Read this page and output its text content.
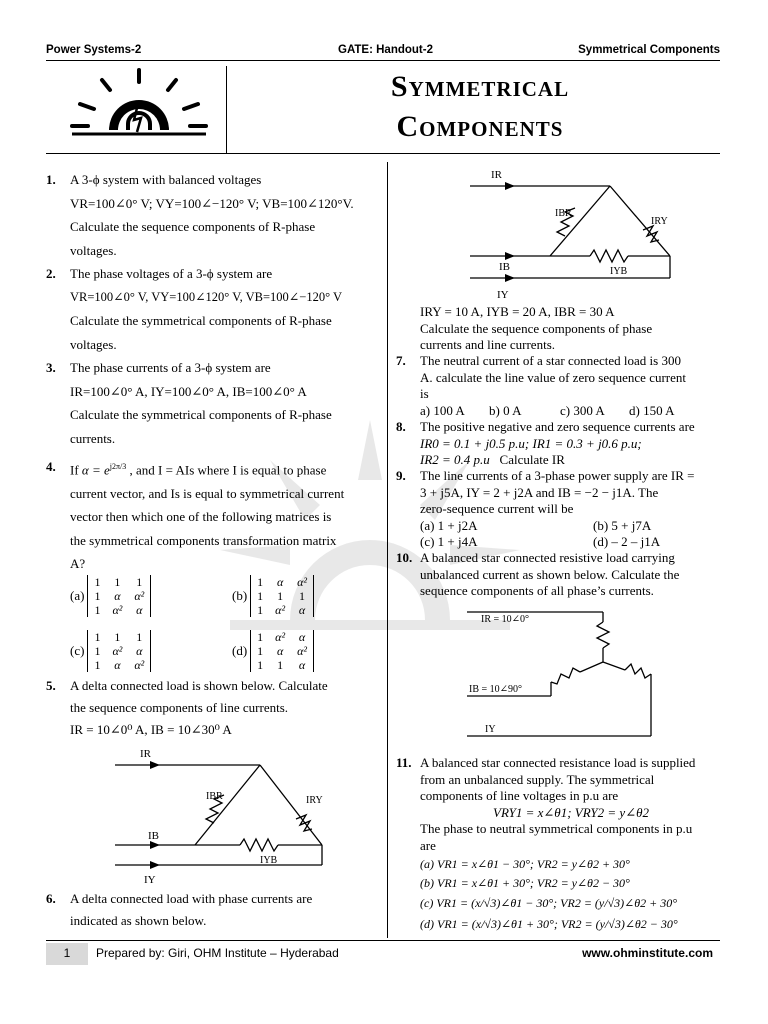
Power Systems-2	GATE: Handout-2	Symmetrical Components
Symmetrical
Components
1. A 3-ϕ system with balanced voltages
VR=100∠0° V; VY=100∠−120° V; VB=100∠120°V.
Calculate the sequence components of R-phase
voltages.
2. The phase voltages of a 3-ϕ system are
VR=100∠0° V, VY=100∠120° V, VB=100∠−120° V
Calculate the symmetrical components of R-phase
voltages.
3. The phase currents of a 3-ϕ system are
IR=100∠0° A, IY=100∠0° A, IB=100∠0° A
Calculate the symmetrical components of R-phase
currents.
4. If $\alpha = e^{j2\pi/3}$ , and I = AIs where I is equal to phase
current vector, and Is is equal to symmetrical current
vector then which one of the following matrices is
the symmetrical components transformation matrix
A?
(a)
1	1	1
1	α	α²
1	α²	α
(b)
1	α	α²
1	1	1
1	α²	α
(c)
1	1	1
1	α²	α
1	α	α²
(d)
1	α²	α
1	α	α²
1	1	α
5. A delta connected load is shown below. Calculate
the sequence components of line currents.
IR = 10∠0⁰ A, IB = 10∠30⁰ A
IR
IBR	IRY
IB
IYB
IY
6. A delta connected load with phase currents are
indicated as shown below.
IR
IBR
IRY
IB	IYB
IY
IRY = 10 A, IYB = 20 A, IBR = 30 A
Calculate the sequence components of phase
currents and line currents.
7. The neutral current of a star connected load is 300
A. calculate the line value of zero sequence current
is
a) 100 A b) 0 A	c) 300 A d) 150 A
8. The positive negative and zero sequence currents are
IR0 = 0.1 + j0.5 p.u; IR1 = 0.3 + j0.6 p.u;
IR2 = 0.4 p.u Calculate IR
9. The line currents of a 3-phase power supply are IR =
3 + j5A, IY = 2 + j2A and IB = −2 − j1A. The
zero-sequence current will be
(a) 1 + j2A	(b) 5 + j7A
(c) 1 + j4A	(d) – 2 – j1A
10. A balanced star connected resistive load carrying
unbalanced current as shown below. Calculate the
sequence components of all phase’s currents.
IR = 10∠0°
IB = 10∠90°
IY
11. A balanced star connected resistance load is supplied
from an unbalanced supply. The symmetrical
components of line voltages in p.u are
VRY1 = x∠θ1; VRY2 = y∠θ2
The phase to neutral symmetrical components in p.u
are
(a) VR1 = x∠θ1 − 30°; VR2 = y∠θ2 + 30°
(b) VR1 = x∠θ1 + 30°; VR2 = y∠θ2 − 30°
(c) VR1 = (x/√3)∠θ1 − 30°; VR2 = (y/√3)∠θ2 + 30°
(d) VR1 = (x/√3)∠θ1 + 30°; VR2 = (y/√3)∠θ2 − 30°
1	Prepared by: Giri, OHM Institute – Hyderabad	www.ohminstitute.com
